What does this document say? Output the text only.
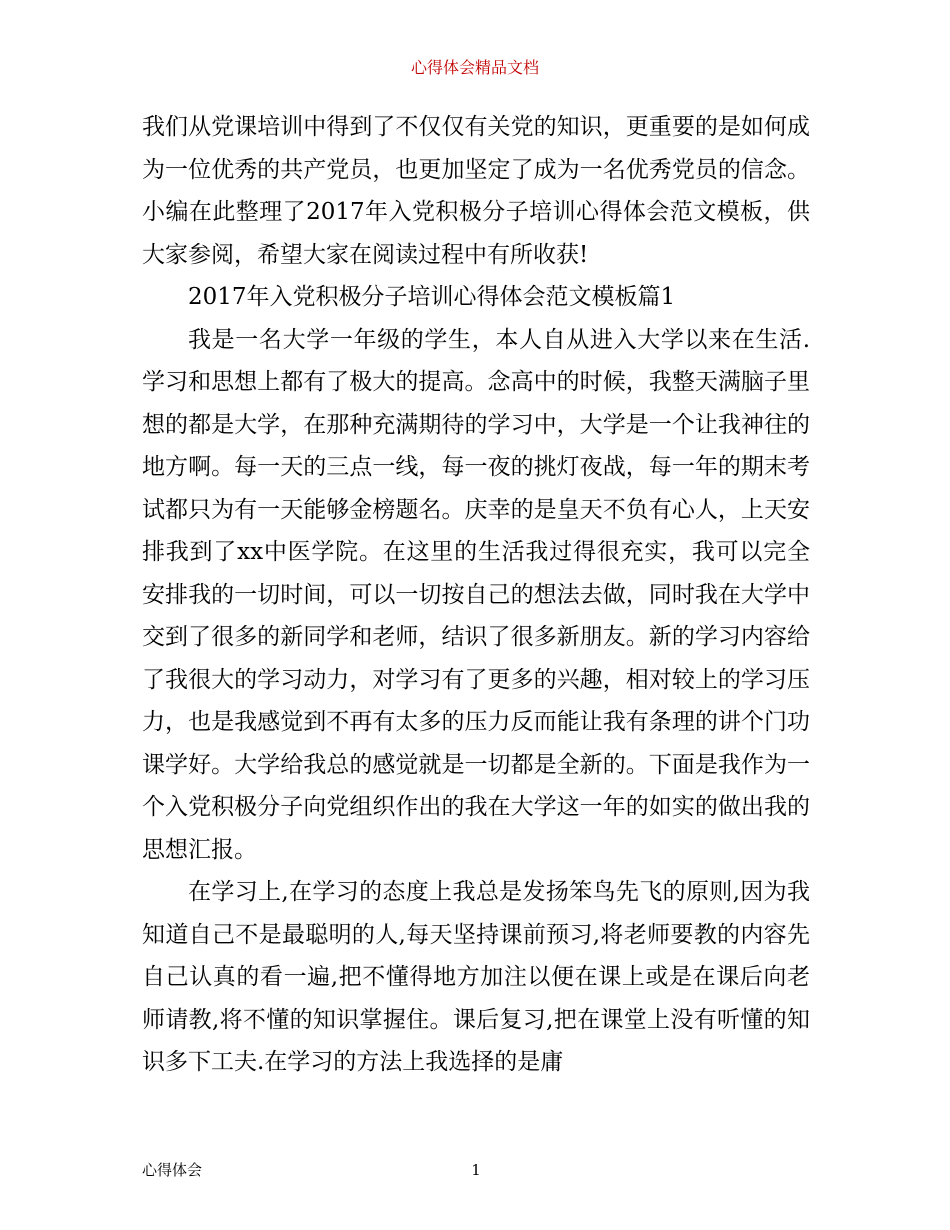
心得体会精品文档

我们从党课培训中得到了不仅仅有关党的知识，更重要的是如何成为一位优秀的共产党员，也更加坚定了成为一名优秀党员的信念。小编在此整理了2017年入党积极分子培训心得体会范文模板，供大家参阅，希望大家在阅读过程中有所收获!

2017年入党积极分子培训心得体会范文模板篇1

我是一名大学一年级的学生，本人自从进入大学以来在生活.学习和思想上都有了极大的提高。念高中的时候，我整天满脑子里想的都是大学，在那种充满期待的学习中，大学是一个让我神往的地方啊。每一天的三点一线，每一夜的挑灯夜战，每一年的期末考试都只为有一天能够金榜题名。庆幸的是皇天不负有心人，上天安排我到了xx中医学院。在这里的生活我过得很充实，我可以完全安排我的一切时间，可以一切按自己的想法去做，同时我在大学中交到了很多的新同学和老师，结识了很多新朋友。新的学习内容给了我很大的学习动力，对学习有了更多的兴趣，相对较上的学习压力，也是我感觉到不再有太多的压力反而能让我有条理的讲个门功课学好。大学给我总的感觉就是一切都是全新的。下面是我作为一个入党积极分子向党组织作出的我在大学这一年的如实的做出我的思想汇报。

在学习上,在学习的态度上我总是发扬笨鸟先飞的原则,因为我知道自己不是最聪明的人,每天坚持课前预习,将老师要教的内容先自己认真的看一遍,把不懂得地方加注以便在课上或是在课后向老师请教,将不懂的知识掌握住。课后复习,把在课堂上没有听懂的知识多下工夫.在学习的方法上我选择的是庸

心得体会	1
